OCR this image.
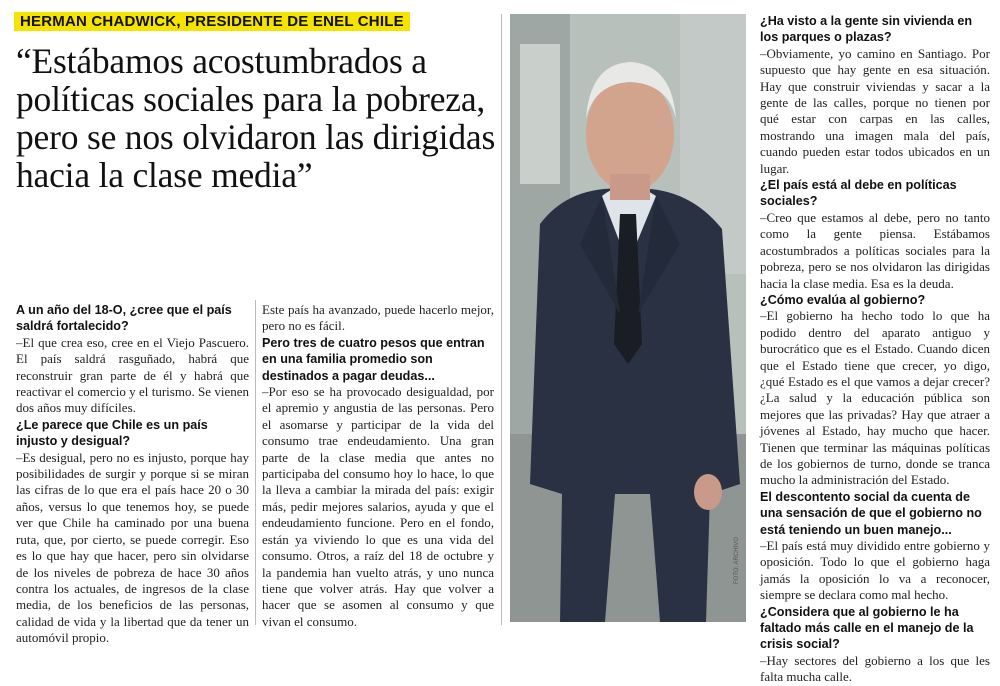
HERMAN CHADWICK, PRESIDENTE DE ENEL CHILE
“Estábamos acostumbrados a políticas sociales para la pobreza, pero se nos olvidaron las dirigidas hacia la clase media”

A un año del 18-O, ¿cree que el país saldrá fortalecido?

–El que crea eso, cree en el Viejo Pascuero. El país saldrá rasguñado, habrá que reconstruir gran parte de él y habrá que reactivar el comercio y el turismo. Se vienen dos años muy difíciles.

¿Le parece que Chile es un país injusto y desigual?

–Es desigual, pero no es injusto, porque hay posibilidades de surgir y porque si se miran las cifras de lo que era el país hace 20 o 30 años, versus lo que tenemos hoy, se puede ver que Chile ha caminado por una buena ruta, que, por cierto, se puede corregir. Eso es lo que hay que hacer, pero sin olvidarse de los niveles de pobreza de hace 30 años contra los actuales, de ingresos de la clase media, de los beneficios de las personas, calidad de vida y la libertad que da tener un automóvil propio.

Este país ha avanzado, puede hacerlo mejor, pero no es fácil.

Pero tres de cuatro pesos que entran en una familia promedio son destinados a pagar deudas...

–Por eso se ha provocado desigualdad, por el apremio y angustia de las personas. Pero el asomarse y participar de la vida del consumo trae endeudamiento. Una gran parte de la clase media que antes no participaba del consumo hoy lo hace, lo que la lleva a cambiar la mirada del país: exigir más, pedir mejores salarios, ayuda y que el endeudamiento funcione. Pero en el fondo, están ya viviendo lo que es una vida del consumo. Otros, a raíz del 18 de octubre y la pandemia han vuelto atrás, y uno nunca tiene que volver atrás. Hay que volver a hacer que se asomen al consumo y que vivan el consumo.

FOTO: ARCHIVO

¿Ha visto a la gente sin vivienda en los parques o plazas?

–Obviamente, yo camino en Santiago. Por supuesto que hay gente en esa situación. Hay que construir viviendas y sacar a la gente de las calles, porque no tienen por qué estar con carpas en las calles, mostrando una imagen mala del país, cuando pueden estar todos ubicados en un lugar.

¿El país está al debe en políticas sociales?

–Creo que estamos al debe, pero no tanto como la gente piensa. Estábamos acostumbrados a políticas sociales para la pobreza, pero se nos olvidaron las dirigidas hacia la clase media. Esa es la deuda.

¿Cómo evalúa al gobierno?

–El gobierno ha hecho todo lo que ha podido dentro del aparato antiguo y burocrático que es el Estado. Cuando dicen que el Estado tiene que crecer, yo digo, ¿qué Estado es el que vamos a dejar crecer? ¿La salud y la educación pública son mejores que las privadas? Hay que atraer a jóvenes al Estado, hay mucho que hacer. Tienen que terminar las máquinas políticas de los gobiernos de turno, donde se tranca mucho la administración del Estado.

El descontento social da cuenta de una sensación de que el gobierno no está teniendo un buen manejo...

–El país está muy dividido entre gobierno y oposición. Todo lo que el gobierno haga jamás la oposición lo va a reconocer, siempre se declara como mal hecho.

¿Considera que al gobierno le ha faltado más calle en el manejo de la crisis social?

–Hay sectores del gobierno a los que les falta mucha calle.
